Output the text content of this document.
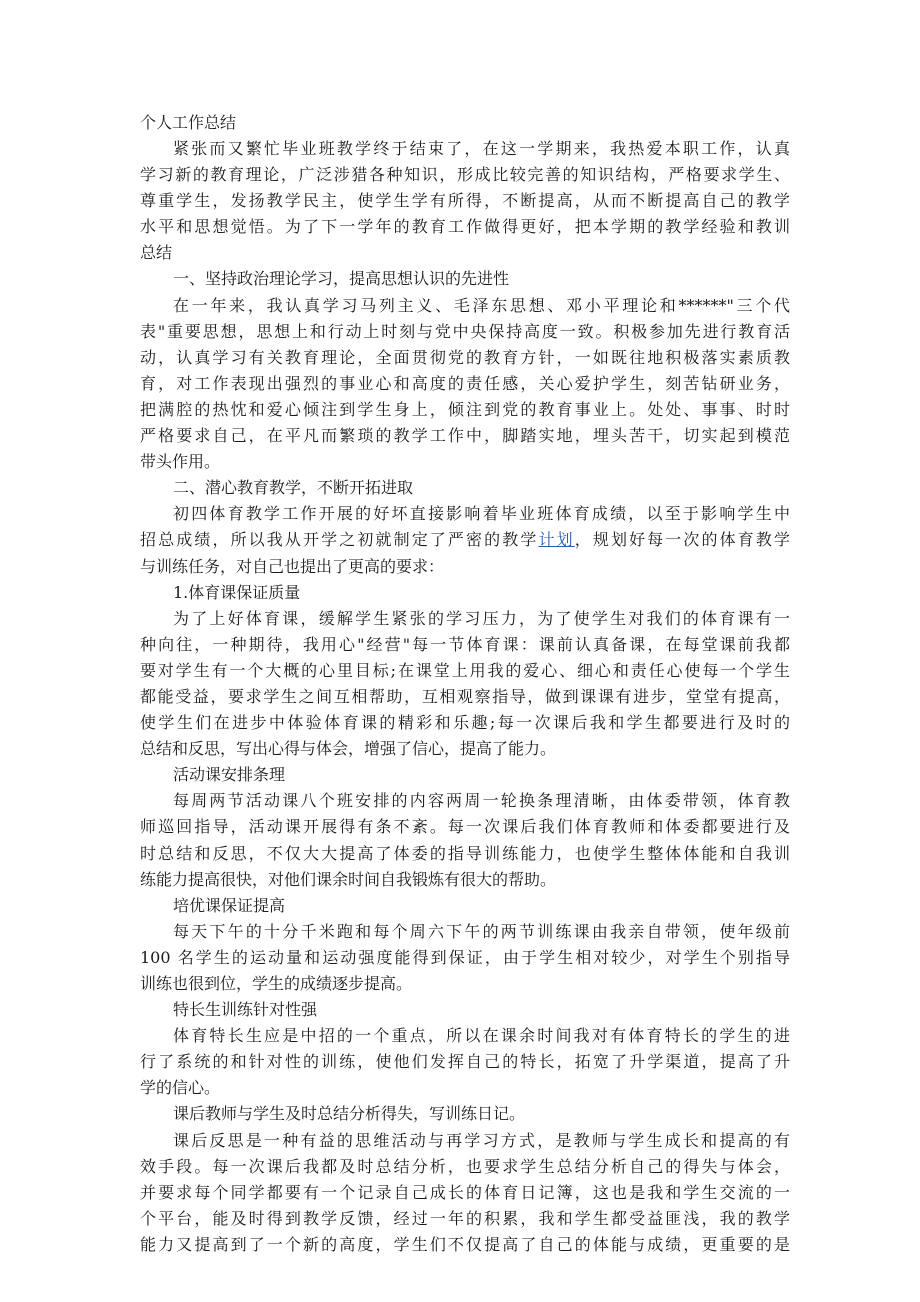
个人工作总结

紧张而又繁忙毕业班教学终于结束了，在这一学期来，我热爱本职工作，认真
学习新的教育理论，广泛涉猎各种知识，形成比较完善的知识结构，严格要求学生、
尊重学生，发扬教学民主，使学生学有所得，不断提高，从而不断提高自己的教学
水平和思想觉悟。为了下一学年的教育工作做得更好，把本学期的教学经验和教训
总结
一、坚持政治理论学习，提高思想认识的先进性
在一年来，我认真学习马列主义、毛泽东思想、邓小平理论和******"三个代
表"重要思想，思想上和行动上时刻与党中央保持高度一致。积极参加先进行教育活
动，认真学习有关教育理论，全面贯彻党的教育方针，一如既往地积极落实素质教
育，对工作表现出强烈的事业心和高度的责任感，关心爱护学生，刻苦钻研业务，
把满腔的热忱和爱心倾注到学生身上，倾注到党的教育事业上。处处、事事、时时
严格要求自己，在平凡而繁琐的教学工作中，脚踏实地，埋头苦干，切实起到模范
带头作用。
二、潜心教育教学，不断开拓进取
初四体育教学工作开展的好坏直接影响着毕业班体育成绩，以至于影响学生中
招总成绩，所以我从开学之初就制定了严密的教学计划，规划好每一次的体育教学
与训练任务，对自己也提出了更高的要求：
1.体育课保证质量
为了上好体育课，缓解学生紧张的学习压力，为了使学生对我们的体育课有一
种向往，一种期待，我用心"经营"每一节体育课：课前认真备课，在每堂课前我都
要对学生有一个大概的心里目标;在课堂上用我的爱心、细心和责任心使每一个学生
都能受益，要求学生之间互相帮助，互相观察指导，做到课课有进步，堂堂有提高，
使学生们在进步中体验体育课的精彩和乐趣;每一次课后我和学生都要进行及时的
总结和反思，写出心得与体会，增强了信心，提高了能力。
活动课安排条理
每周两节活动课八个班安排的内容两周一轮换条理清晰，由体委带领，体育教
师巡回指导，活动课开展得有条不紊。每一次课后我们体育教师和体委都要进行及
时总结和反思，不仅大大提高了体委的指导训练能力，也使学生整体体能和自我训
练能力提高很快，对他们课余时间自我锻炼有很大的帮助。
培优课保证提高
每天下午的十分千米跑和每个周六下午的两节训练课由我亲自带领，使年级前
100 名学生的运动量和运动强度能得到保证，由于学生相对较少，对学生个别指导
训练也很到位，学生的成绩逐步提高。
特长生训练针对性强
体育特长生应是中招的一个重点，所以在课余时间我对有体育特长的学生的进
行了系统的和针对性的训练，使他们发挥自己的特长，拓宽了升学渠道，提高了升
学的信心。
课后教师与学生及时总结分析得失，写训练日记。
课后反思是一种有益的思维活动与再学习方式，是教师与学生成长和提高的有
效手段。每一次课后我都及时总结分析，也要求学生总结分析自己的得失与体会，
并要求每个同学都要有一个记录自己成长的体育日记簿，这也是我和学生交流的一
个平台，能及时得到教学反馈，经过一年的积累，我和学生都受益匪浅，我的教学
能力又提高到了一个新的高度，学生们不仅提高了自己的体能与成绩，更重要的是
